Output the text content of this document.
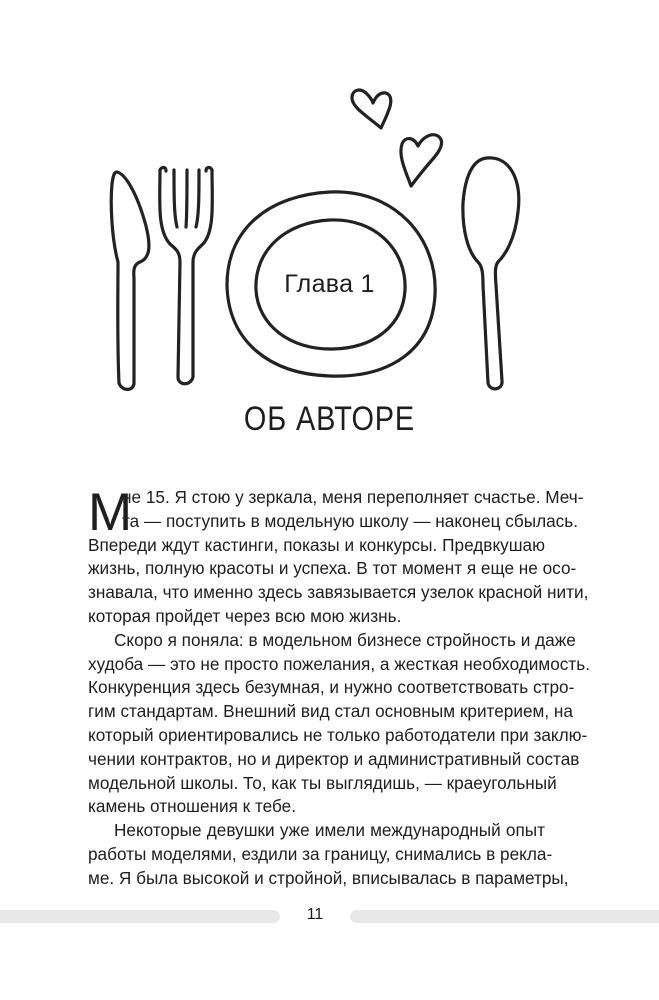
Глава 1
ОБ АВТОРЕ
М
не 15. Я стою у зеркала, меня переполняет счастье. Меч-
та — поступить в модельную школу — наконец сбылась.
Впереди ждут кастинги, показы и конкурсы. Предвкушаю
жизнь, полную красоты и успеха. В тот момент я еще не осо-
знавала, что именно здесь завязывается узелок красной нити,
которая пройдет через всю мою жизнь.
Скоро я поняла: в модельном бизнесе стройность и даже
худоба — это не просто пожелания, а жесткая необходимость.
Конкуренция здесь безумная, и нужно соответствовать стро-
гим стандартам. Внешний вид стал основным критерием, на
который ориентировались не только работодатели при заклю-
чении контрактов, но и директор и административный состав
модельной школы. То, как ты выглядишь, — краеугольный
камень отношения к тебе.
Некоторые девушки уже имели международный опыт
работы моделями, ездили за границу, снимались в рекла-
ме. Я была высокой и стройной, вписывалась в параметры,
11
